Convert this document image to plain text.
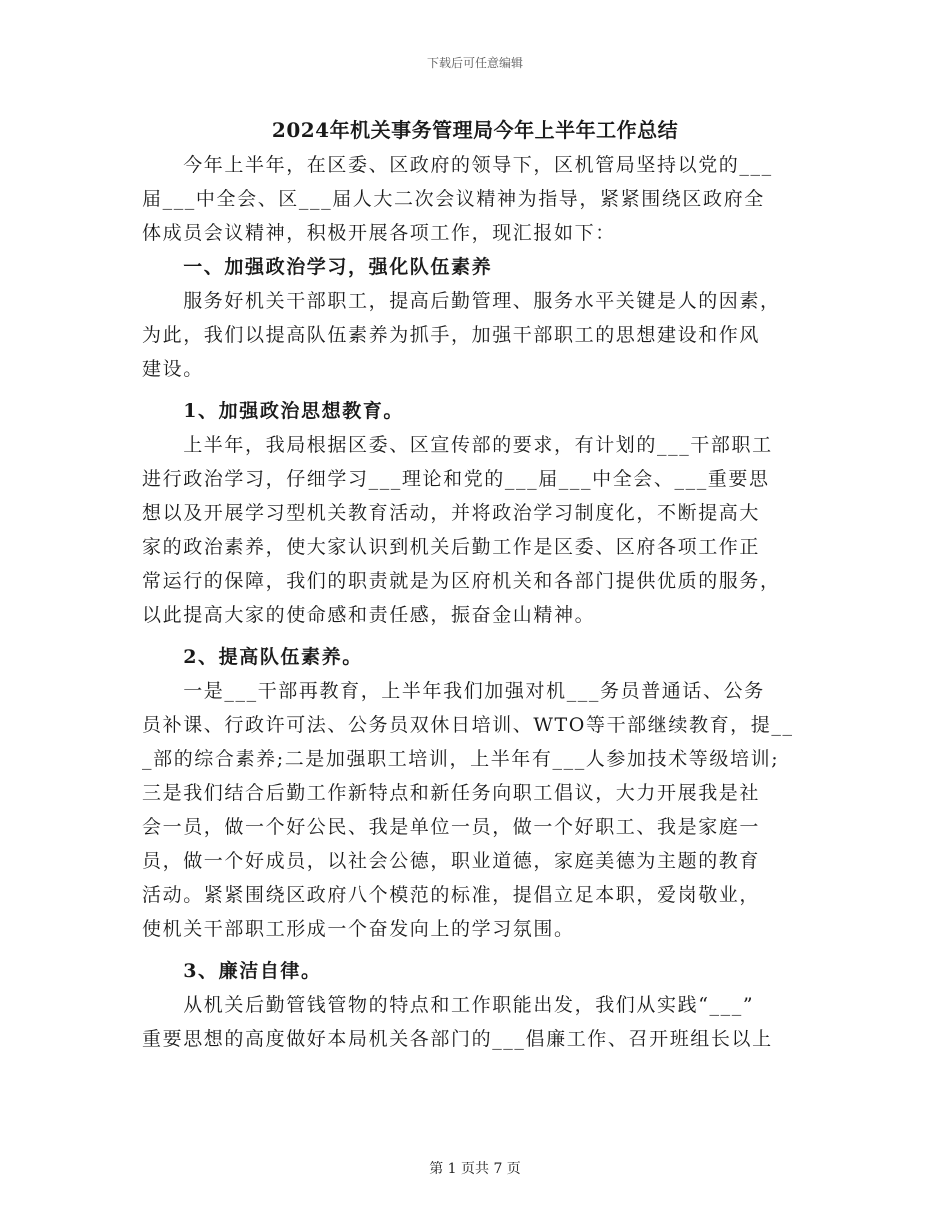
下载后可任意编辑
2024年机关事务管理局今年上半年工作总结
　　今年上半年，在区委、区政府的领导下，区机管局坚持以党的___
届___中全会、区___届人大二次会议精神为指导，紧紧围绕区政府全
体成员会议精神，积极开展各项工作，现汇报如下：
　　一、加强政治学习，强化队伍素养
　　服务好机关干部职工，提高后勤管理、服务水平关键是人的因素，
为此，我们以提高队伍素养为抓手，加强干部职工的思想建设和作风
建设。
　　1、加强政治思想教育。
　　上半年，我局根据区委、区宣传部的要求，有计划的___干部职工
进行政治学习，仔细学习___理论和党的___届___中全会、___重要思
想以及开展学习型机关教育活动，并将政治学习制度化，不断提高大
家的政治素养，使大家认识到机关后勤工作是区委、区府各项工作正
常运行的保障，我们的职责就是为区府机关和各部门提供优质的服务，
以此提高大家的使命感和责任感，振奋金山精神。
　　2、提高队伍素养。
　　一是___干部再教育，上半年我们加强对机___务员普通话、公务
员补课、行政许可法、公务员双休日培训、WTO等干部继续教育，提__
_部的综合素养;二是加强职工培训，上半年有___人参加技术等级培训;
三是我们结合后勤工作新特点和新任务向职工倡议，大力开展我是社
会一员，做一个好公民、我是单位一员，做一个好职工、我是家庭一
员，做一个好成员，以社会公德，职业道德，家庭美德为主题的教育
活动。紧紧围绕区政府八个模范的标准，提倡立足本职，爱岗敬业，
使机关干部职工形成一个奋发向上的学习氛围。
　　3、廉洁自律。
　　从机关后勤管钱管物的特点和工作职能出发，我们从实践“___”
重要思想的高度做好本局机关各部门的___倡廉工作、召开班组长以上
第 1 页共 7 页
